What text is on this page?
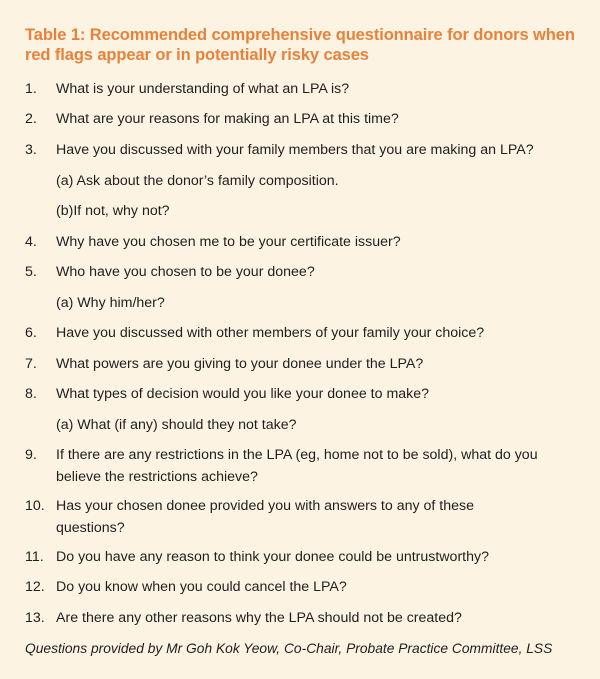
Table 1: Recommended comprehensive questionnaire for donors when red flags appear or in potentially risky cases
1.	What is your understanding of what an LPA is?
2.	What are your reasons for making an LPA at this time?
3.	Have you discussed with your family members that you are making an LPA?
(a) Ask about the donor’s family composition.
(b)If not, why not?
4.	Why have you chosen me to be your certificate issuer?
5.	Who have you chosen to be your donee?
(a) Why him/her?
6.	Have you discussed with other members of your family your choice?
7.	What powers are you giving to your donee under the LPA?
8.	What types of decision would you like your donee to make?
(a) What (if any) should they not take?
9.	If there are any restrictions in the LPA (eg, home not to be sold), what do you believe the restrictions achieve?
10. Has your chosen donee provided you with answers to any of these questions?
11. Do you have any reason to think your donee could be untrustworthy?
12. Do you know when you could cancel the LPA?
13. Are there any other reasons why the LPA should not be created?
Questions provided by Mr Goh Kok Yeow, Co-Chair, Probate Practice Committee, LSS
